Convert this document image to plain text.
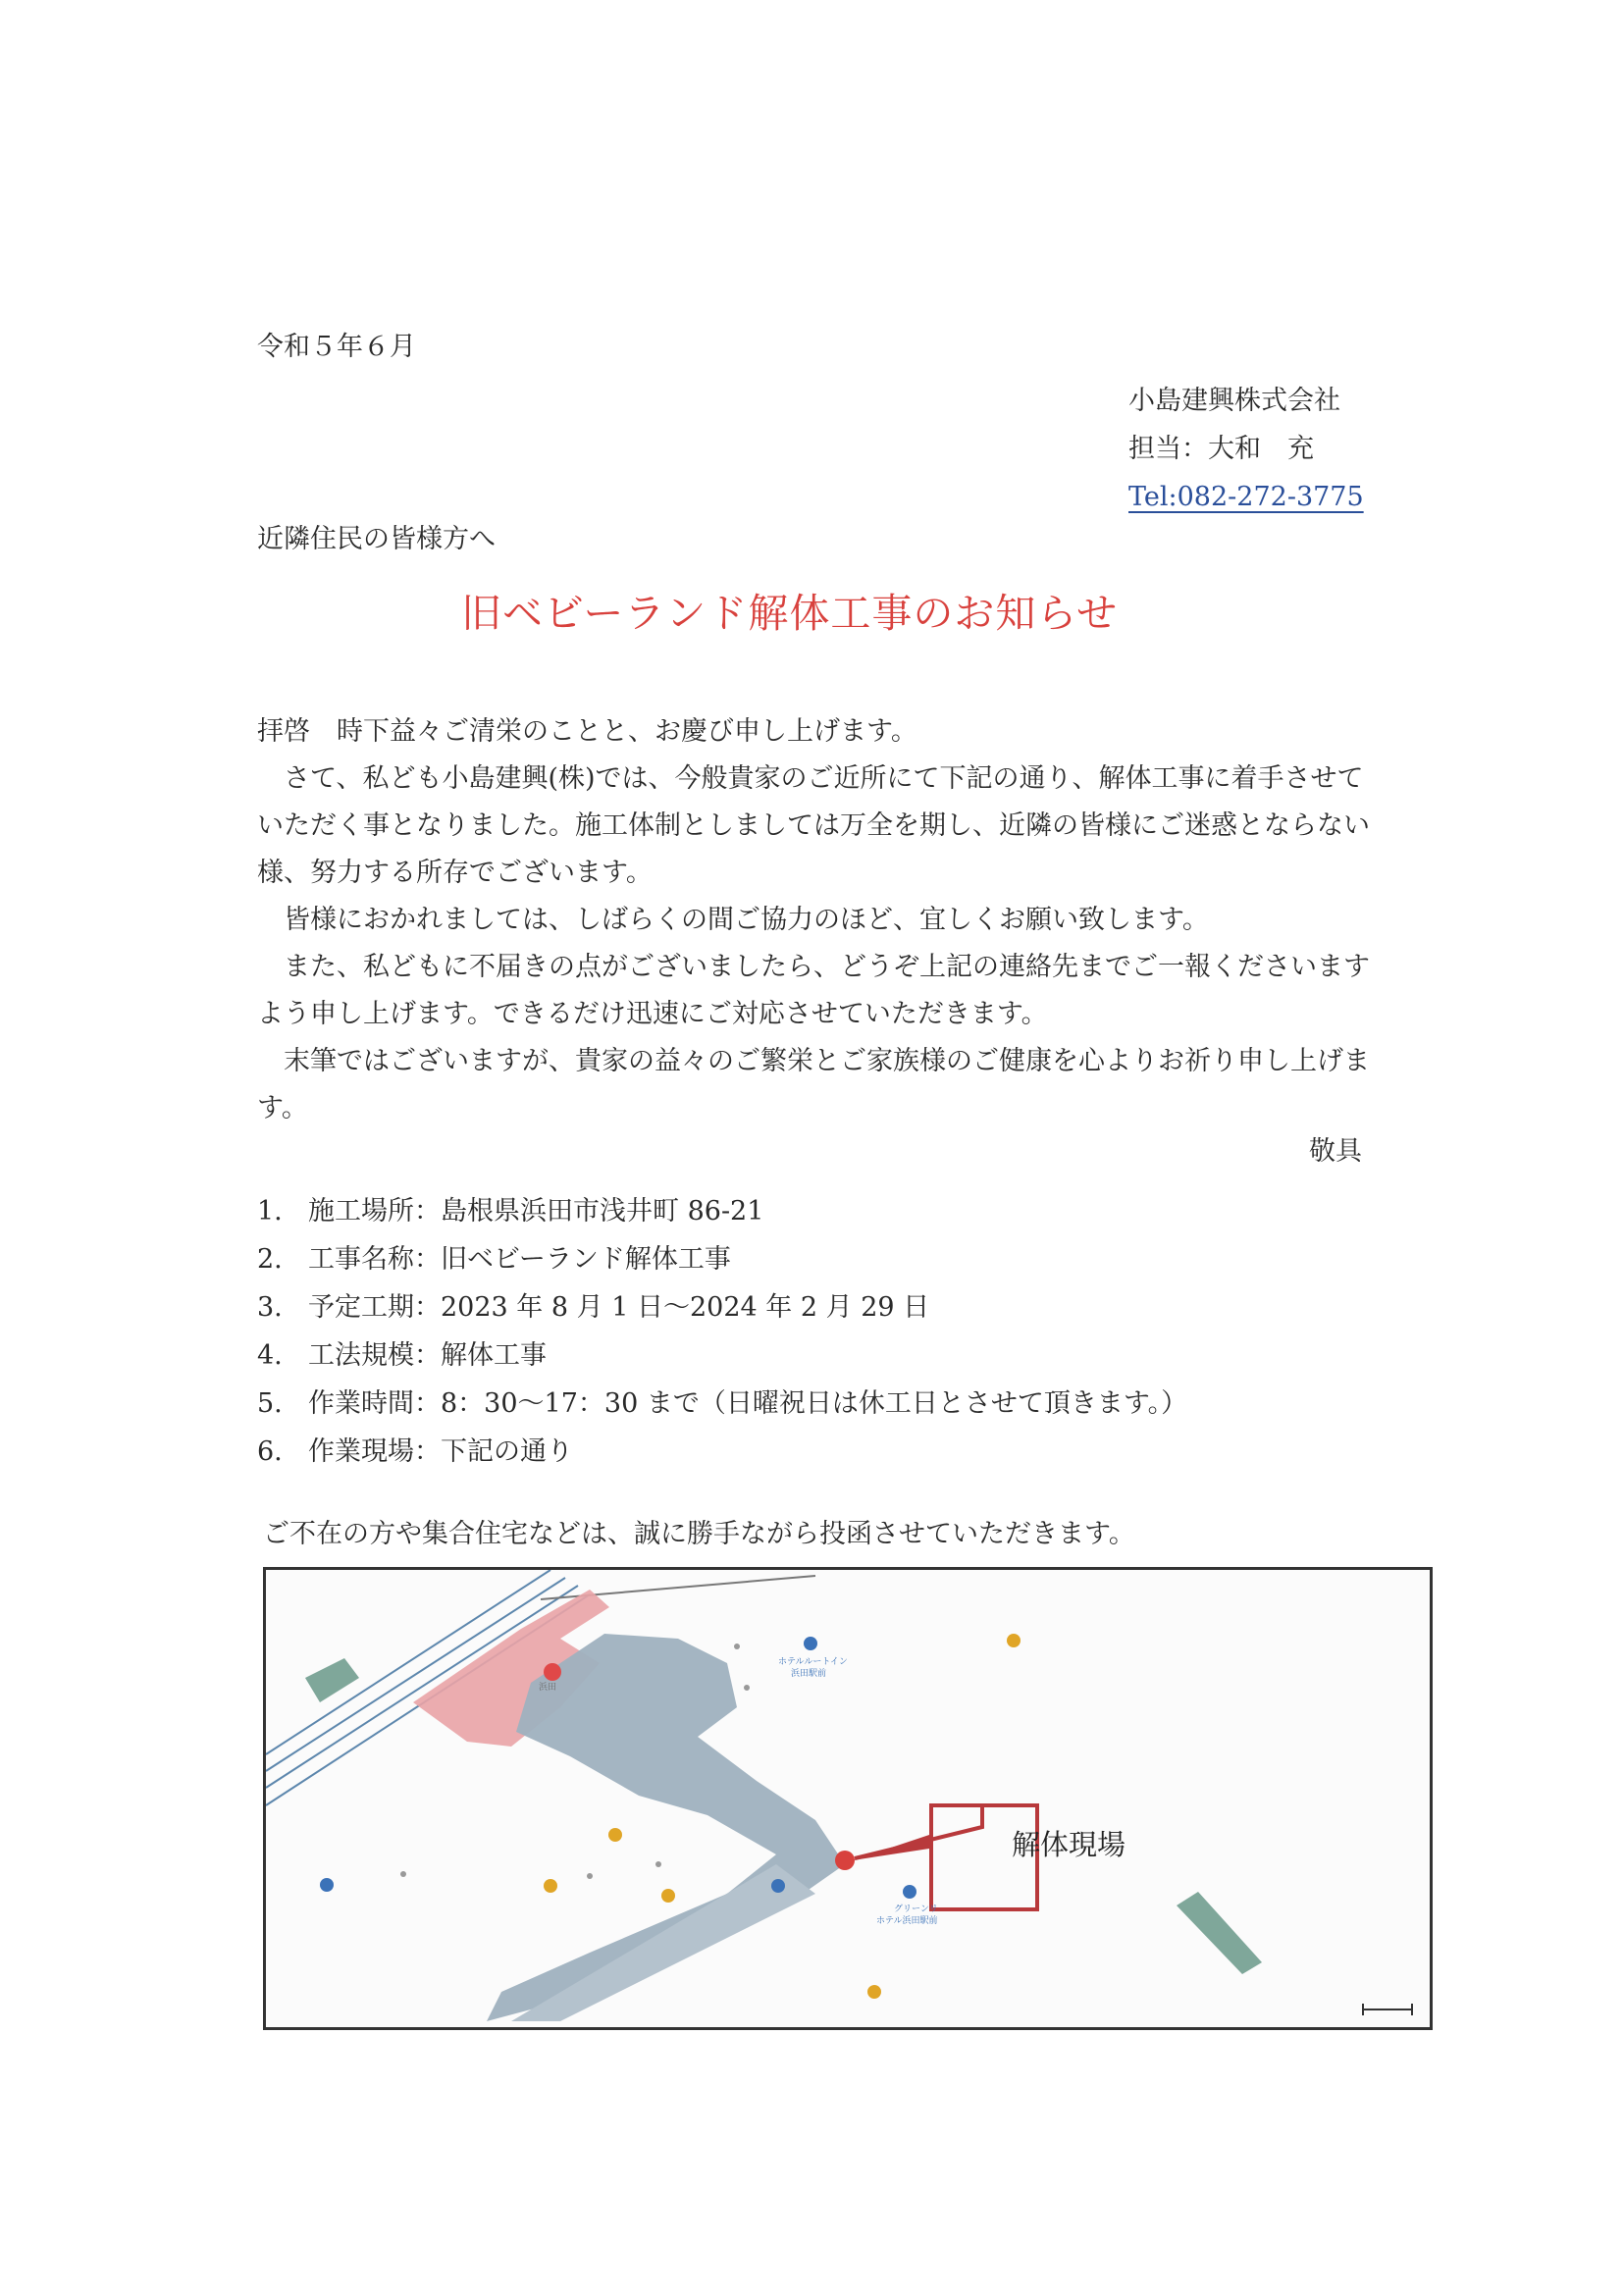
令和５年６月
小島建興株式会社
担当：大和　充
Tel:082-272-3775
近隣住民の皆様方へ
旧ベビーランド解体工事のお知らせ
拝啓　時下益々ご清栄のことと、お慶び申し上げます。
さて、私ども小島建興(株)では、今般貴家のご近所にて下記の通り、解体工事に着手させていただく事となりました。施工体制としましては万全を期し、近隣の皆様にご迷惑とならない様、努力する所存でございます。
皆様におかれましては、しばらくの間ご協力のほど、宜しくお願い致します。
また、私どもに不届きの点がございましたら、どうぞ上記の連絡先までご一報くださいますよう申し上げます。できるだけ迅速にご対応させていただきます。
末筆ではございますが、貴家の益々のご繁栄とご家族様のご健康を心よりお祈り申し上げます。
敬具
1. 施工場所：島根県浜田市浅井町 86-21
2. 工事名称：旧ベビーランド解体工事
3. 予定工期：2023 年 8 月 1 日～2024 年 2 月 29 日
4. 工法規模：解体工事
5. 作業時間：8：30～17：30 まで（日曜祝日は休工日とさせて頂きます。）
6. 作業現場：下記の通り
ご不在の方や集合住宅などは、誠に勝手ながら投函させていただきます。
解体現場
浜田
ホテルルートイン
浜田駅前
グリーンリ
ホテル浜田駅前
